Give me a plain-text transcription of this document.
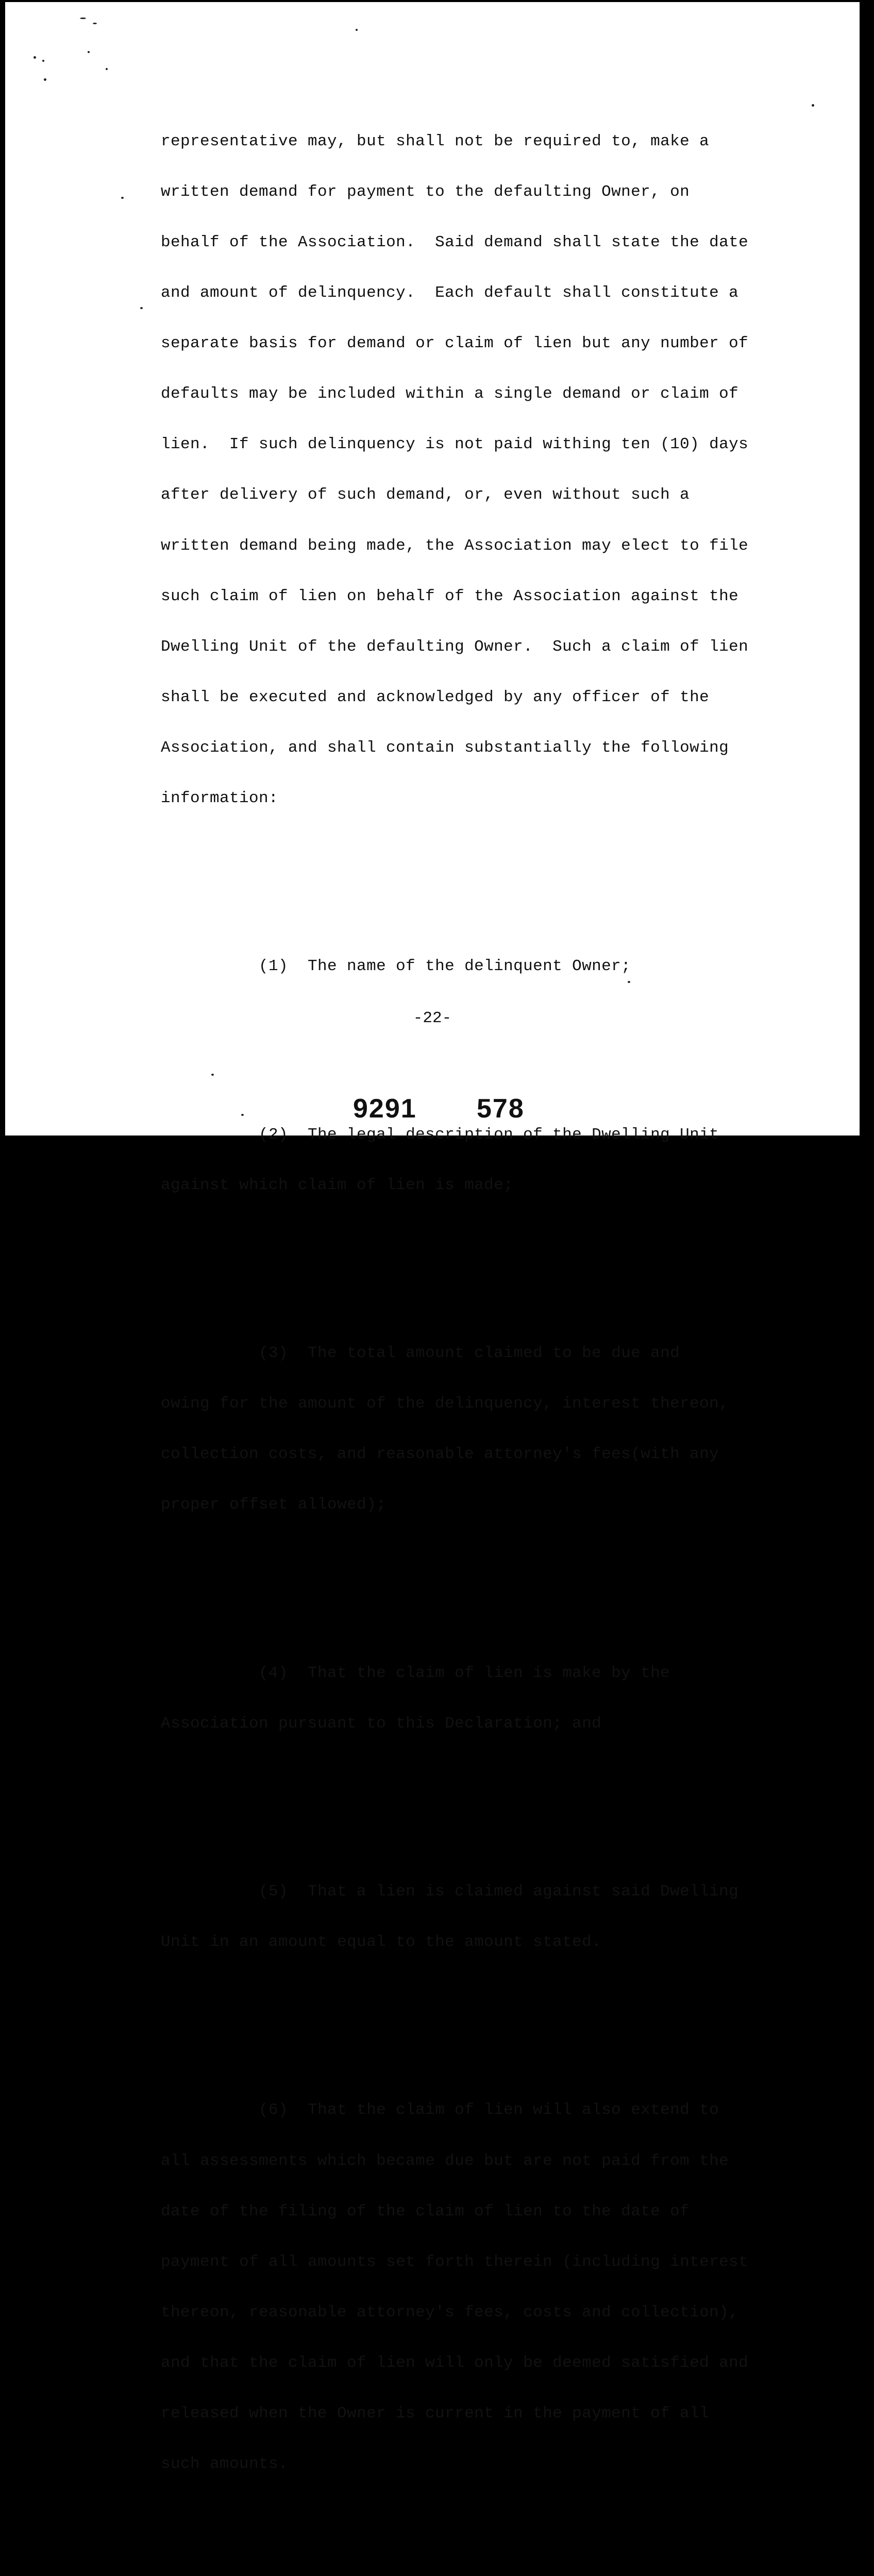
representative may, but shall not be required to, make a

written demand for payment to the defaulting Owner, on

behalf of the Association.  Said demand shall state the date

and amount of delinquency.  Each default shall constitute a

separate basis for demand or claim of lien but any number of

defaults may be included within a single demand or claim of

lien.  If such delinquency is not paid withing ten (10) days

after delivery of such demand, or, even without such a

written demand being made, the Association may elect to file

such claim of lien on behalf of the Association against the

Dwelling Unit of the defaulting Owner.  Such a claim of lien

shall be executed and acknowledged by any officer of the

Association, and shall contain substantially the following

information:

(1)  The name of the delinquent Owner;

(2)  The legal description of the Dwelling Unit

against which claim of lien is made;

(3)  The total amount claimed to be due and

owing for the amount of the delinquency, interest thereon,

collection costs, and reasonable attorney's fees(with any

proper offset allowed);

(4)  That the claim of lien is make by the

Association pursuant to this Declaration; and

(5)  That a lien is claimed against said Dwelling

Unit in an amount equal to the amount stated.

(6)  That the claim of lien will also extend to

all assessments which became due but are not paid from the

date of the filing of the claim of lien to the date of

payment of all amounts set forth therein (including interest

thereon, reasonable attorney's fees, costs and collection),

and that the claim of lien will only be deemed satisfied and

released when the Owner is current in the payment of all

such amounts.

-22-
9291 578
